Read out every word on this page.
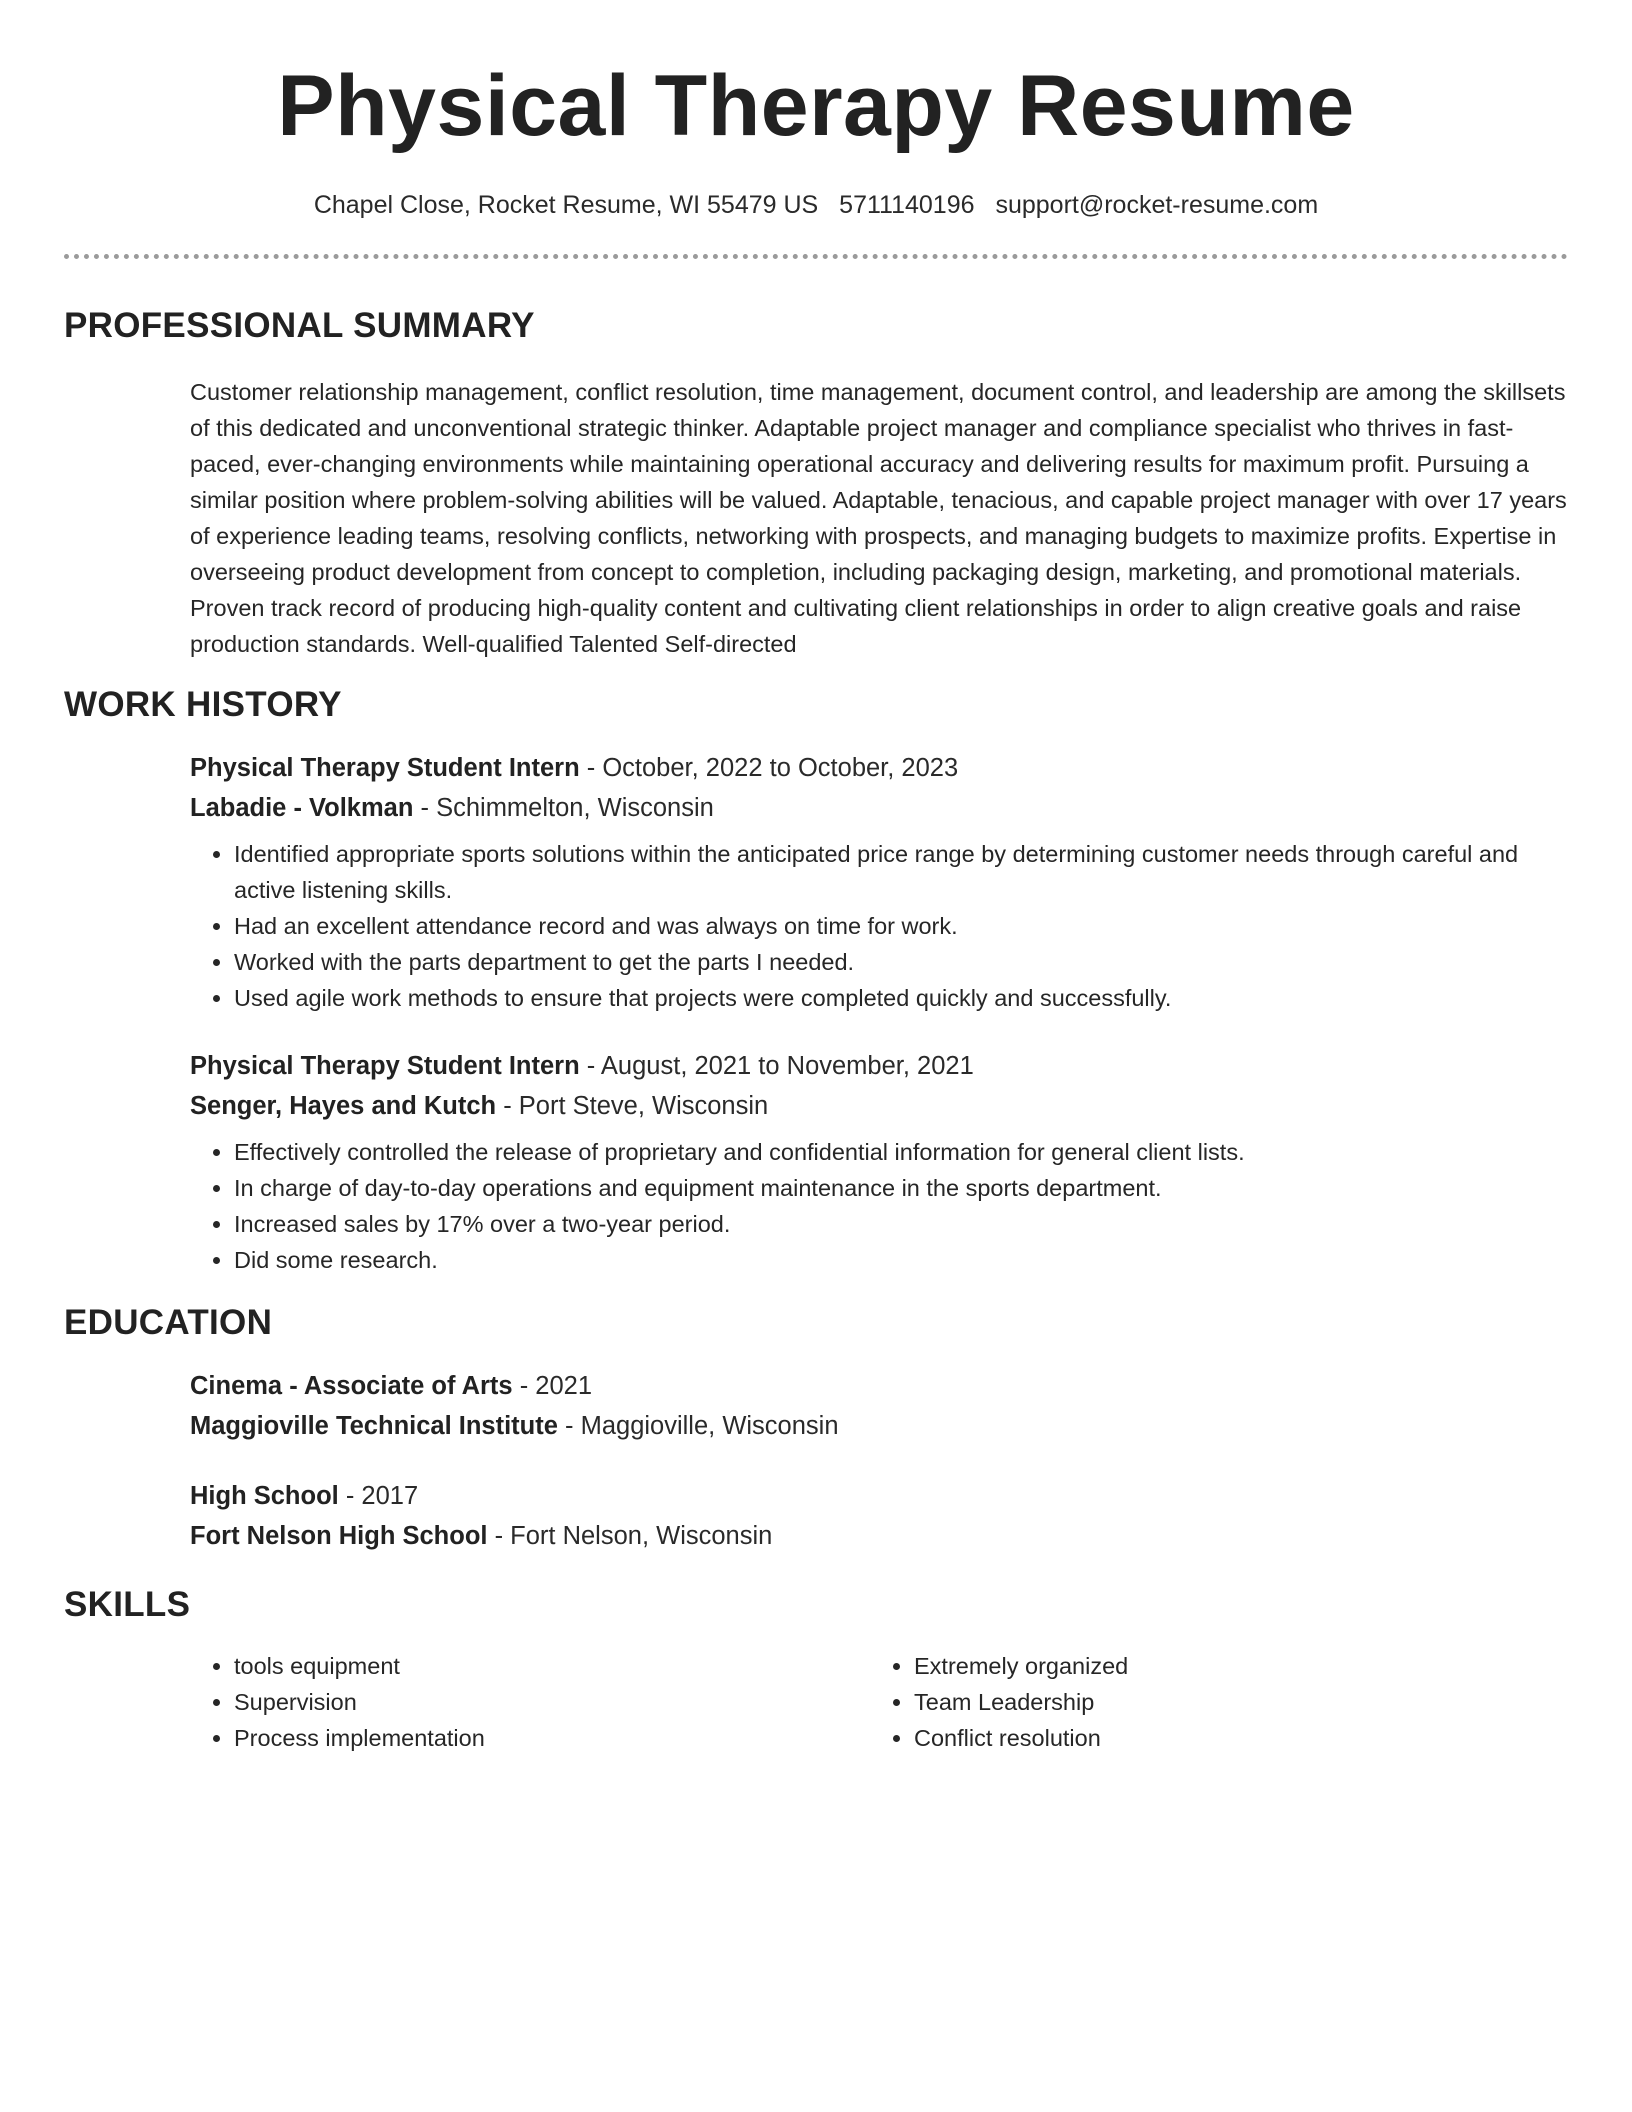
Physical Therapy Resume
Chapel Close, Rocket Resume, WI 55479 US 5711140196 support@rocket-resume.com
PROFESSIONAL SUMMARY

Customer relationship management, conflict resolution, time management, document control, and leadership are among the skillsets of this dedicated and unconventional strategic thinker. Adaptable project manager and compliance specialist who thrives in fast-paced, ever-changing environments while maintaining operational accuracy and delivering results for maximum profit. Pursuing a similar position where problem-solving abilities will be valued. Adaptable, tenacious, and capable project manager with over 17 years of experience leading teams, resolving conflicts, networking with prospects, and managing budgets to maximize profits. Expertise in overseeing product development from concept to completion, including packaging design, marketing, and promotional materials. Proven track record of producing high-quality content and cultivating client relationships in order to align creative goals and raise production standards. Well-qualified Talented Self-directed

WORK HISTORY
Physical Therapy Student Intern - October, 2022 to October, 2023
Labadie - Volkman - Schimmelton, Wisconsin
• Identified appropriate sports solutions within the anticipated price range by determining customer needs through careful and active listening skills.
• Had an excellent attendance record and was always on time for work.
• Worked with the parts department to get the parts I needed.
• Used agile work methods to ensure that projects were completed quickly and successfully.
Physical Therapy Student Intern - August, 2021 to November, 2021
Senger, Hayes and Kutch - Port Steve, Wisconsin
• Effectively controlled the release of proprietary and confidential information for general client lists.
• In charge of day-to-day operations and equipment maintenance in the sports department.
• Increased sales by 17% over a two-year period.
• Did some research.
EDUCATION
Cinema - Associate of Arts - 2021
Maggioville Technical Institute - Maggioville, Wisconsin
High School - 2017
Fort Nelson High School - Fort Nelson, Wisconsin
SKILLS
• tools equipment
• Supervision
• Process implementation
• Extremely organized
• Team Leadership
• Conflict resolution
